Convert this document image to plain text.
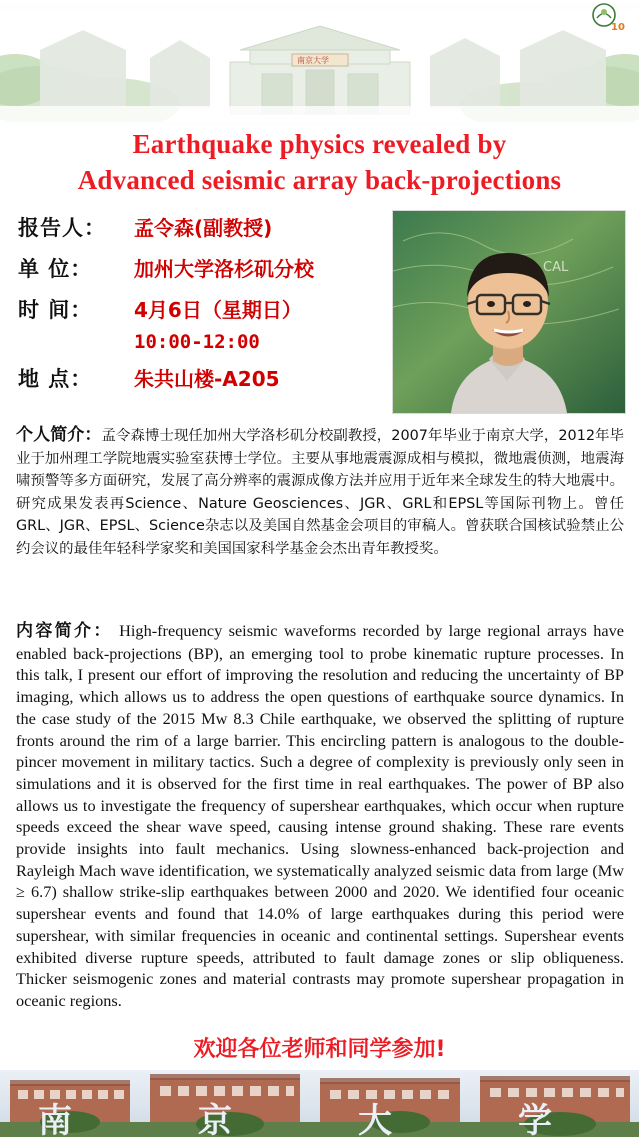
南京大学
10
Earthquake physics revealed by
Advanced seismic array back-projections
报告人：	孟令森(副教授)
单 位：	加州大学洛杉矶分校
时 间：	4月6日（星期日）
10:00-12:00
地 点：	朱共山楼-A205
CAL
个人简介：孟令森博士现任加州大学洛杉矶分校副教授，2007年毕业于南京大学，2012年毕业于加州理工学院地震实验室获博士学位。主要从事地震震源成相与模拟，微地震侦测，地震海啸预警等多方面研究，发展了高分辨率的震源成像方法并应用于近年来全球发生的特大地震中。研究成果发表再Science、Nature Geosciences、JGR、GRL和EPSL等国际刊物上。曾任GRL、JGR、EPSL、Science杂志以及美国自然基金会项目的审稿人。曾获联合国核试验禁止公约会议的最佳年轻科学家奖和美国国家科学基金会杰出青年教授奖。
内容简介： High-frequency seismic waveforms recorded by large regional arrays have enabled back-projections (BP), an emerging tool to probe kinematic rupture processes. In this talk, I present our effort of improving the resolution and reducing the uncertainty of BP imaging, which allows us to address the open questions of earthquake source dynamics. In the case study of the 2015 Mw 8.3 Chile earthquake, we observed the splitting of rupture fronts around the rim of a large barrier. This encircling pattern is analogous to the double-pincer movement in military tactics. Such a degree of complexity is previously only seen in simulations and it is observed for the first time in real earthquakes. The power of BP also allows us to investigate the frequency of supershear earthquakes, which occur when rupture speeds exceed the shear wave speed, causing intense ground shaking. These rare events provide insights into fault mechanics. Using slowness-enhanced back-projection and Rayleigh Mach wave identification, we systematically analyzed seismic data from large (Mw ≥ 6.7) shallow strike-slip earthquakes between 2000 and 2020. We identified four oceanic supershear events and found that 14.0% of large earthquakes during this period were supershear, with similar frequencies in oceanic and continental settings. Supershear events exhibited diverse rupture speeds, attributed to fault damage zones or slip obliqueness. Thicker seismogenic zones and material contrasts may promote supershear propagation in oceanic regions.
欢迎各位老师和同学参加!
南	京	大	学
